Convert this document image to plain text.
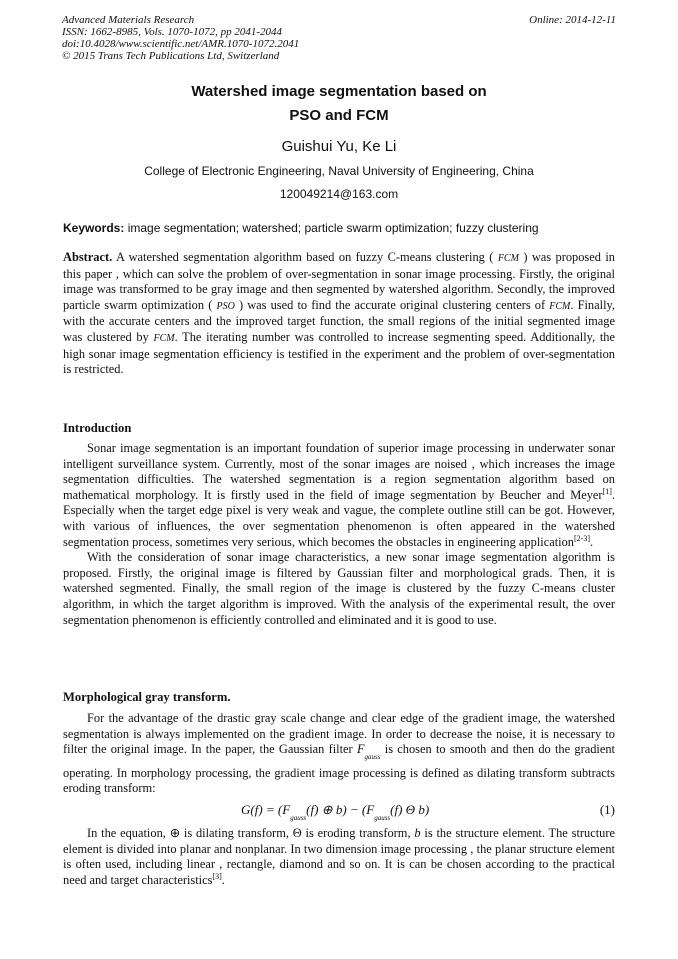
Advanced Materials Research
ISSN: 1662-8985, Vols. 1070-1072, pp 2041-2044
doi:10.4028/www.scientific.net/AMR.1070-1072.2041
© 2015 Trans Tech Publications Ltd, Switzerland
Online: 2014-12-11
Watershed image segmentation based on
PSO and FCM
Guishui Yu, Ke Li
College of Electronic Engineering, Naval University of Engineering, China
120049214@163.com
Keywords: image segmentation; watershed; particle swarm optimization; fuzzy clustering
Abstract. A watershed segmentation algorithm based on fuzzy C-means clustering ( FCM ) was proposed in this paper , which can solve the problem of over-segmentation in sonar image processing. Firstly, the original image was transformed to be gray image and then segmented by watershed algorithm. Secondly, the improved particle swarm optimization ( PSO ) was used to find the accurate original clustering centers of FCM. Finally, with the accurate centers and the improved target function, the small regions of the initial segmented image was clustered by FCM. The iterating number was controlled to increase segmenting speed. Additionally, the high sonar image segmentation efficiency is testified in the experiment and the problem of over-segmentation is restricted.
Introduction

Sonar image segmentation is an important foundation of superior image processing in underwater sonar intelligent surveillance system. Currently, most of the sonar images are noised , which increases the image segmentation difficulties. The watershed segmentation is a region segmentation algorithm based on mathematical morphology. It is firstly used in the field of image segmentation by Beucher and Meyer[1]. Especially when the target edge pixel is very weak and vague, the complete outline still can be got. However, with various of influences, the over segmentation phenomenon is often appeared in the watershed segmentation process, sometimes very serious, which becomes the obstacles in engineering application[2-3].

With the consideration of sonar image characteristics, a new sonar image segmentation algorithm is proposed. Firstly, the original image is filtered by Gaussian filter and morphological grads. Then, it is watershed segmented. Finally, the small region of the image is clustered by the fuzzy C-means cluster algorithm, in which the target algorithm is improved. With the analysis of the experimental result, the over segmentation phenomenon is efficiently controlled and eliminated and it is good to use.

Morphological gray transform.

For the advantage of the drastic gray scale change and clear edge of the gradient image, the watershed segmentation is always implemented on the gradient image. In order to decrease the noise, it is necessary to filter the original image. In the paper, the Gaussian filter $F_{gauss}$ is chosen to smooth and then do the gradient operating. In morphology processing, the gradient image processing is defined as dilating transform subtracts eroding transform:

$G(f) = (F_{gauss}(f)$ ⊕ $b) - (F_{gauss}(f)$ Θ b)	(1)

In the equation, ⊕ is dilating transform, Θ is eroding transform, b is the structure element. The structure element is divided into planar and nonplanar. In two dimension image processing , the planar structure element is often used, including linear , rectangle, diamond and so on. It is can be chosen according to the practical need and target characteristics[3].
